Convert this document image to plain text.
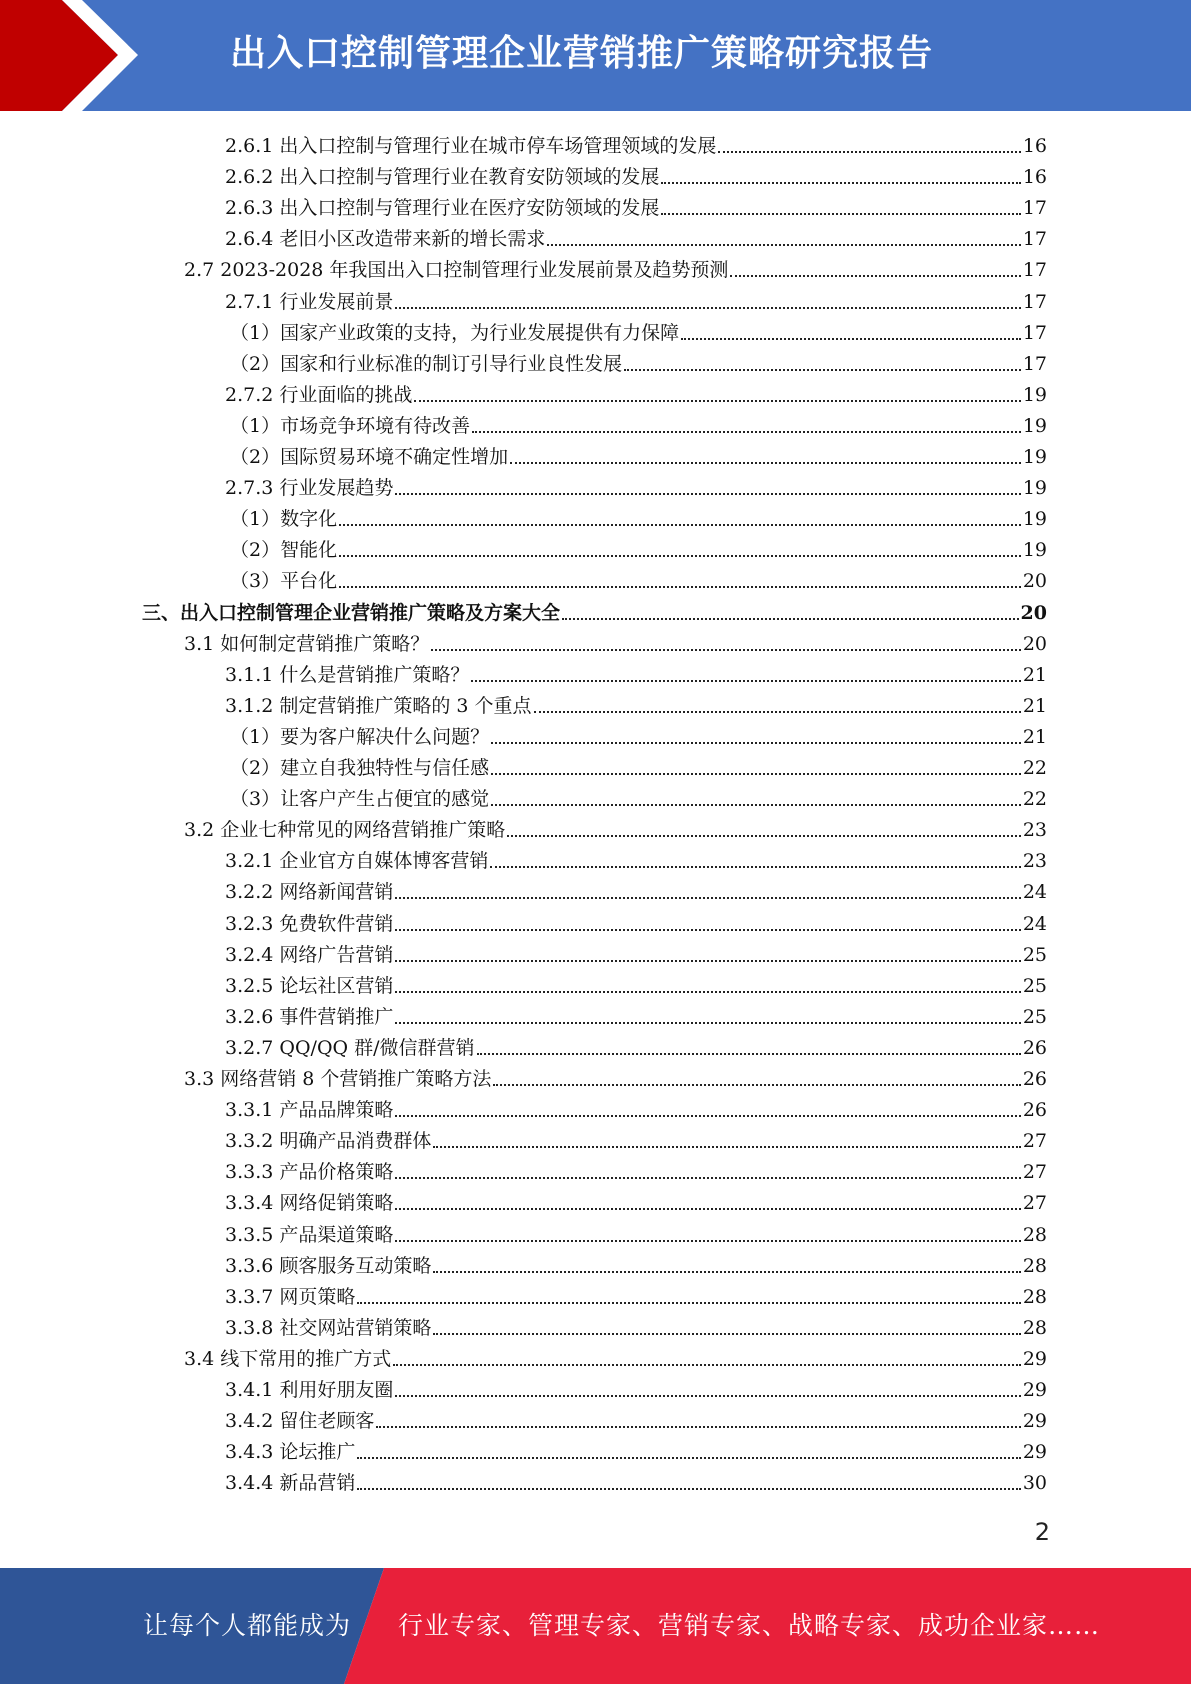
出入口控制管理企业营销推广策略研究报告
2.6.1 出入口控制与管理行业在城市停车场管理领域的发展	16
2.6.2 出入口控制与管理行业在教育安防领域的发展	16
2.6.3 出入口控制与管理行业在医疗安防领域的发展	17
2.6.4 老旧小区改造带来新的增长需求	17
2.7 2023-2028 年我国出入口控制管理行业发展前景及趋势预测	17
2.7.1 行业发展前景	17
（1）国家产业政策的支持，为行业发展提供有力保障	17
（2）国家和行业标准的制订引导行业良性发展	17
2.7.2 行业面临的挑战	19
（1）市场竞争环境有待改善	19
（2）国际贸易环境不确定性增加	19
2.7.3 行业发展趋势	19
（1）数字化	19
（2）智能化	19
（3）平台化	20
三、出入口控制管理企业营销推广策略及方案大全	20
3.1 如何制定营销推广策略？	20
3.1.1 什么是营销推广策略？	21
3.1.2 制定营销推广策略的 3 个重点	21
（1）要为客户解决什么问题？	21
（2）建立自我独特性与信任感	22
（3）让客户产生占便宜的感觉	22
3.2 企业七种常见的网络营销推广策略	23
3.2.1 企业官方自媒体博客营销	23
3.2.2 网络新闻营销	24
3.2.3 免费软件营销	24
3.2.4 网络广告营销	25
3.2.5 论坛社区营销	25
3.2.6 事件营销推广	25
3.2.7 QQ/QQ 群/微信群营销	26
3.3 网络营销 8 个营销推广策略方法	26
3.3.1 产品品牌策略	26
3.3.2 明确产品消费群体	27
3.3.3 产品价格策略	27
3.3.4 网络促销策略	27
3.3.5 产品渠道策略	28
3.3.6 顾客服务互动策略	28
3.3.7 网页策略	28
3.3.8 社交网站营销策略	28
3.4 线下常用的推广方式	29
3.4.1 利用好朋友圈	29
3.4.2 留住老顾客	29
3.4.3 论坛推广	29
3.4.4 新品营销	30
2
让每个人都能成为 行业专家、管理专家、营销专家、战略专家、成功企业家……
